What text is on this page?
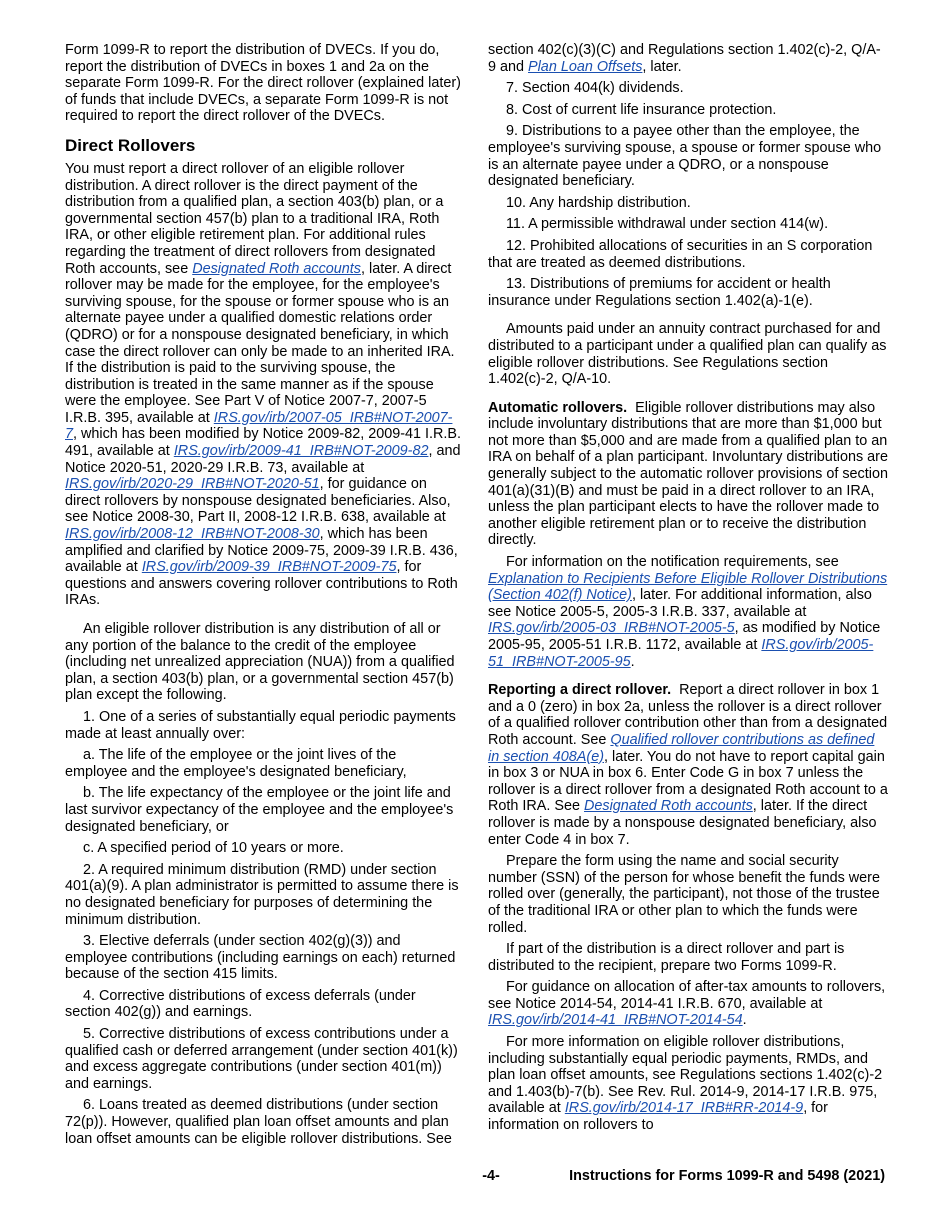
Form 1099-R to report the distribution of DVECs. If you do, report the distribution of DVECs in boxes 1 and 2a on the separate Form 1099-R. For the direct rollover (explained later) of funds that include DVECs, a separate Form 1099-R is not required to report the direct rollover of the DVECs.

Direct Rollovers

You must report a direct rollover of an eligible rollover distribution. A direct rollover is the direct payment of the distribution from a qualified plan, a section 403(b) plan, or a governmental section 457(b) plan to a traditional IRA, Roth IRA, or other eligible retirement plan. For additional rules regarding the treatment of direct rollovers from designated Roth accounts, see Designated Roth accounts, later. A direct rollover may be made for the employee, for the employee's surviving spouse, for the spouse or former spouse who is an alternate payee under a qualified domestic relations order (QDRO) or for a nonspouse designated beneficiary, in which case the direct rollover can only be made to an inherited IRA. If the distribution is paid to the surviving spouse, the distribution is treated in the same manner as if the spouse were the employee. See Part V of Notice 2007-7, 2007-5 I.R.B. 395, available at IRS.gov/irb/2007-05_IRB#NOT-2007-7, which has been modified by Notice 2009-82, 2009-41 I.R.B. 491, available at IRS.gov/irb/2009-41_IRB#NOT-2009-82, and Notice 2020-51, 2020-29 I.R.B. 73, available at IRS.gov/irb/2020-29_IRB#NOT-2020-51, for guidance on direct rollovers by nonspouse designated beneficiaries. Also, see Notice 2008-30, Part II, 2008-12 I.R.B. 638, available at IRS.gov/irb/2008-12_IRB#NOT-2008-30, which has been amplified and clarified by Notice 2009-75, 2009-39 I.R.B. 436, available at IRS.gov/irb/2009-39_IRB#NOT-2009-75, for questions and answers covering rollover contributions to Roth IRAs.

An eligible rollover distribution is any distribution of all or any portion of the balance to the credit of the employee (including net unrealized appreciation (NUA)) from a qualified plan, a section 403(b) plan, or a governmental section 457(b) plan except the following.

1. One of a series of substantially equal periodic payments made at least annually over:

a. The life of the employee or the joint lives of the employee and the employee's designated beneficiary,

b. The life expectancy of the employee or the joint life and last survivor expectancy of the employee and the employee's designated beneficiary, or

c. A specified period of 10 years or more.

2. A required minimum distribution (RMD) under section 401(a)(9). A plan administrator is permitted to assume there is no designated beneficiary for purposes of determining the minimum distribution.

3. Elective deferrals (under section 402(g)(3)) and employee contributions (including earnings on each) returned because of the section 415 limits.

4. Corrective distributions of excess deferrals (under section 402(g)) and earnings.

5. Corrective distributions of excess contributions under a qualified cash or deferred arrangement (under section 401(k)) and excess aggregate contributions (under section 401(m)) and earnings.

6. Loans treated as deemed distributions (under section 72(p)). However, qualified plan loan offset amounts and plan loan offset amounts can be eligible rollover distributions. See

section 402(c)(3)(C) and Regulations section 1.402(c)-2, Q/A-9 and Plan Loan Offsets, later.

7. Section 404(k) dividends.

8. Cost of current life insurance protection.

9. Distributions to a payee other than the employee, the employee's surviving spouse, a spouse or former spouse who is an alternate payee under a QDRO, or a nonspouse designated beneficiary.

10. Any hardship distribution.

11. A permissible withdrawal under section 414(w).

12. Prohibited allocations of securities in an S corporation that are treated as deemed distributions.

13. Distributions of premiums for accident or health insurance under Regulations section 1.402(a)-1(e).

Amounts paid under an annuity contract purchased for and distributed to a participant under a qualified plan can qualify as eligible rollover distributions. See Regulations section 1.402(c)-2, Q/A-10.

Automatic rollovers. Eligible rollover distributions may also include involuntary distributions that are more than $1,000 but not more than $5,000 and are made from a qualified plan to an IRA on behalf of a plan participant. Involuntary distributions are generally subject to the automatic rollover provisions of section 401(a)(31)(B) and must be paid in a direct rollover to an IRA, unless the plan participant elects to have the rollover made to another eligible retirement plan or to receive the distribution directly.

For information on the notification requirements, see Explanation to Recipients Before Eligible Rollover Distributions (Section 402(f) Notice), later. For additional information, also see Notice 2005-5, 2005-3 I.R.B. 337, available at IRS.gov/irb/2005-03_IRB#NOT-2005-5, as modified by Notice 2005-95, 2005-51 I.R.B. 1172, available at IRS.gov/irb/2005-51_IRB#NOT-2005-95.

Reporting a direct rollover. Report a direct rollover in box 1 and a 0 (zero) in box 2a, unless the rollover is a direct rollover of a qualified rollover contribution other than from a designated Roth account. See Qualified rollover contributions as defined in section 408A(e), later. You do not have to report capital gain in box 3 or NUA in box 6. Enter Code G in box 7 unless the rollover is a direct rollover from a designated Roth account to a Roth IRA. See Designated Roth accounts, later. If the direct rollover is made by a nonspouse designated beneficiary, also enter Code 4 in box 7.

Prepare the form using the name and social security number (SSN) of the person for whose benefit the funds were rolled over (generally, the participant), not those of the trustee of the traditional IRA or other plan to which the funds were rolled.

If part of the distribution is a direct rollover and part is distributed to the recipient, prepare two Forms 1099-R.

For guidance on allocation of after-tax amounts to rollovers, see Notice 2014-54, 2014-41 I.R.B. 670, available at IRS.gov/irb/2014-41_IRB#NOT-2014-54.

For more information on eligible rollover distributions, including substantially equal periodic payments, RMDs, and plan loan offset amounts, see Regulations sections 1.402(c)-2 and 1.403(b)-7(b). See Rev. Rul. 2014-9, 2014-17 I.R.B. 975, available at IRS.gov/irb/2014-17_IRB#RR-2014-9, for information on rollovers to

-4-	Instructions for Forms 1099-R and 5498 (2021)
